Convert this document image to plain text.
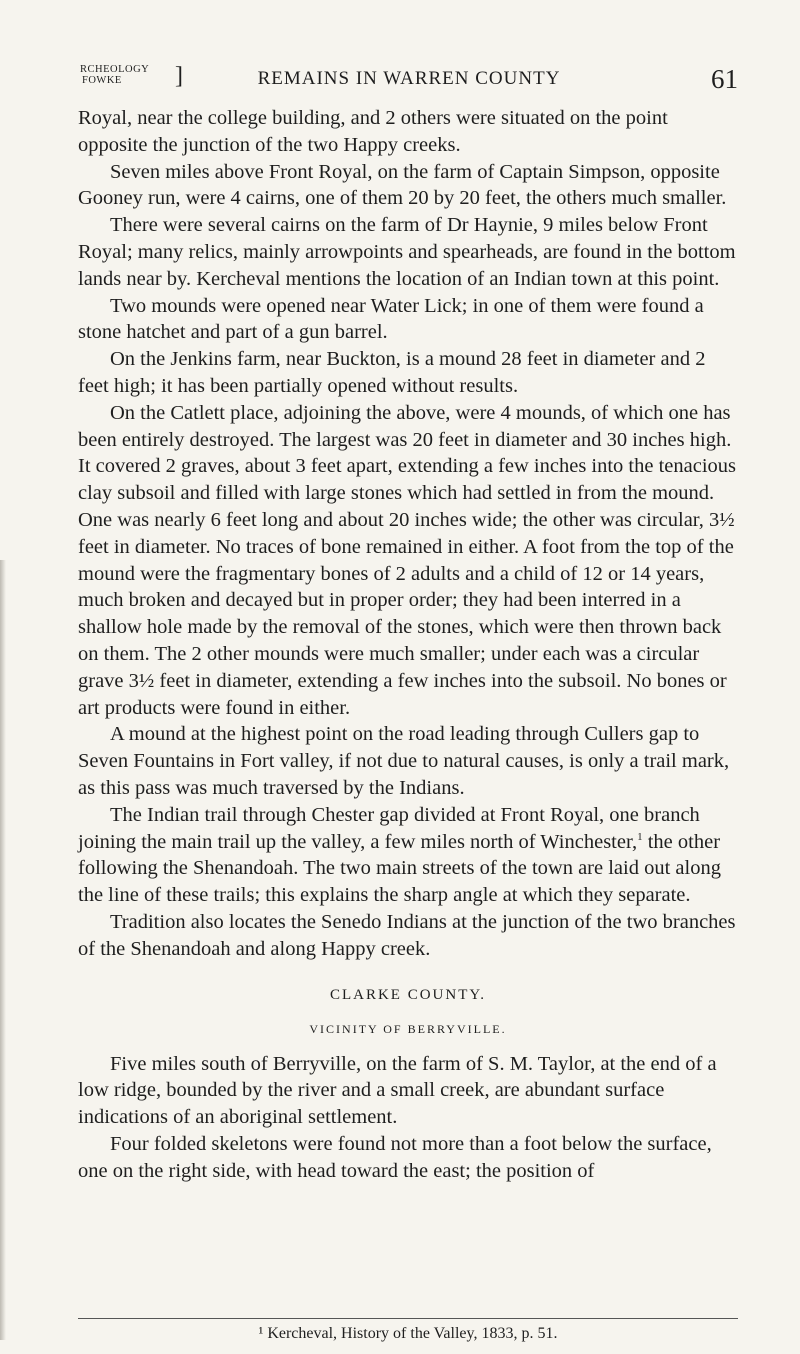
RCHEOLOGY
FOWKE	]	REMAINS IN WARREN COUNTY	61

Royal, near the college building, and 2 others were situated on the point opposite the junction of the two Happy creeks.

Seven miles above Front Royal, on the farm of Captain Simpson, opposite Gooney run, were 4 cairns, one of them 20 by 20 feet, the others much smaller.

There were several cairns on the farm of Dr Haynie, 9 miles below Front Royal; many relics, mainly arrowpoints and spearheads, are found in the bottom lands near by. Kercheval mentions the location of an Indian town at this point.

Two mounds were opened near Water Lick; in one of them were found a stone hatchet and part of a gun barrel.

On the Jenkins farm, near Buckton, is a mound 28 feet in diameter and 2 feet high; it has been partially opened without results.

On the Catlett place, adjoining the above, were 4 mounds, of which one has been entirely destroyed. The largest was 20 feet in diameter and 30 inches high. It covered 2 graves, about 3 feet apart, extending a few inches into the tenacious clay subsoil and filled with large stones which had settled in from the mound. One was nearly 6 feet long and about 20 inches wide; the other was circular, 3½ feet in diameter. No traces of bone remained in either. A foot from the top of the mound were the fragmentary bones of 2 adults and a child of 12 or 14 years, much broken and decayed but in proper order; they had been interred in a shallow hole made by the removal of the stones, which were then thrown back on them. The 2 other mounds were much smaller; under each was a circular grave 3½ feet in diameter, extending a few inches into the subsoil. No bones or art products were found in either.

A mound at the highest point on the road leading through Cullers gap to Seven Fountains in Fort valley, if not due to natural causes, is only a trail mark, as this pass was much traversed by the Indians.

The Indian trail through Chester gap divided at Front Royal, one branch joining the main trail up the valley, a few miles north of Winchester,$^1$ the other following the Shenandoah. The two main streets of the town are laid out along the line of these trails; this explains the sharp angle at which they separate.

Tradition also locates the Senedo Indians at the junction of the two branches of the Shenandoah and along Happy creek.

CLARKE COUNTY.
VICINITY OF BERRYVILLE.

Five miles south of Berryville, on the farm of S. M. Taylor, at the end of a low ridge, bounded by the river and a small creek, are abundant surface indications of an aboriginal settlement.

Four folded skeletons were found not more than a foot below the surface, one on the right side, with head toward the east; the position of

¹ Kercheval, History of the Valley, 1833, p. 51.
